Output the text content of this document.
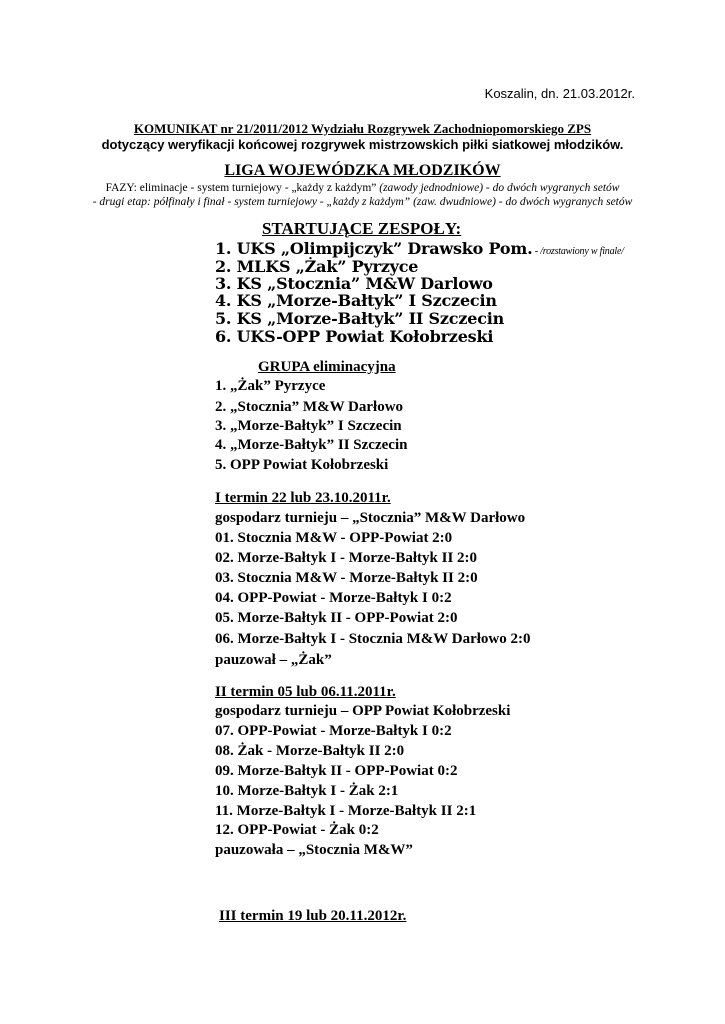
Koszalin, dn. 21.03.2012r.
KOMUNIKAT nr 21/2011/2012 Wydziału Rozgrywek Zachodniopomorskiego ZPS
dotyczący weryfikacji końcowej rozgrywek mistrzowskich piłki siatkowej młodzików.
LIGA WOJEWÓDZKA MŁODZIKÓW
FAZY: eliminacje - system turniejowy - „każdy z każdym” (zawody jednodniowe) - do dwóch wygranych setów
- drugi etap: półfinały i finał - system turniejowy - „każdy z każdym” (zaw. dwudniowe) - do dwóch wygranych setów
STARTUJĄCE ZESPOŁY:
1. UKS „Olimpijczyk” Drawsko Pom. - /rozstawiony w finale/
2. MLKS „Żak” Pyrzyce
3. KS „Stocznia” M&W Darlowo
4. KS „Morze-Bałtyk” I Szczecin
5. KS „Morze-Bałtyk” II Szczecin
6. UKS-OPP Powiat Kołobrzeski
GRUPA eliminacyjna
1. „Żak” Pyrzyce
2. „Stocznia” M&W Darłowo
3. „Morze-Bałtyk” I Szczecin
4. „Morze-Bałtyk” II Szczecin
5. OPP Powiat Kołobrzeski
I termin 22 lub 23.10.2011r.
gospodarz turnieju – „Stocznia” M&W Darłowo
01. Stocznia M&W - OPP-Powiat 2:0
02. Morze-Bałtyk I - Morze-Bałtyk II 2:0
03. Stocznia M&W - Morze-Bałtyk II 2:0
04. OPP-Powiat - Morze-Bałtyk I 0:2
05. Morze-Bałtyk II - OPP-Powiat 2:0
06. Morze-Bałtyk I - Stocznia M&W Darłowo 2:0
pauzował – „Żak”
II termin 05 lub 06.11.2011r.
gospodarz turnieju – OPP Powiat Kołobrzeski
07. OPP-Powiat - Morze-Bałtyk I 0:2
08. Żak - Morze-Bałtyk II 2:0
09. Morze-Bałtyk II - OPP-Powiat 0:2
10. Morze-Bałtyk I - Żak 2:1
11. Morze-Bałtyk I - Morze-Bałtyk II 2:1
12. OPP-Powiat - Żak 0:2
pauzowała – „Stocznia M&W”
III termin 19 lub 20.11.2012r.
